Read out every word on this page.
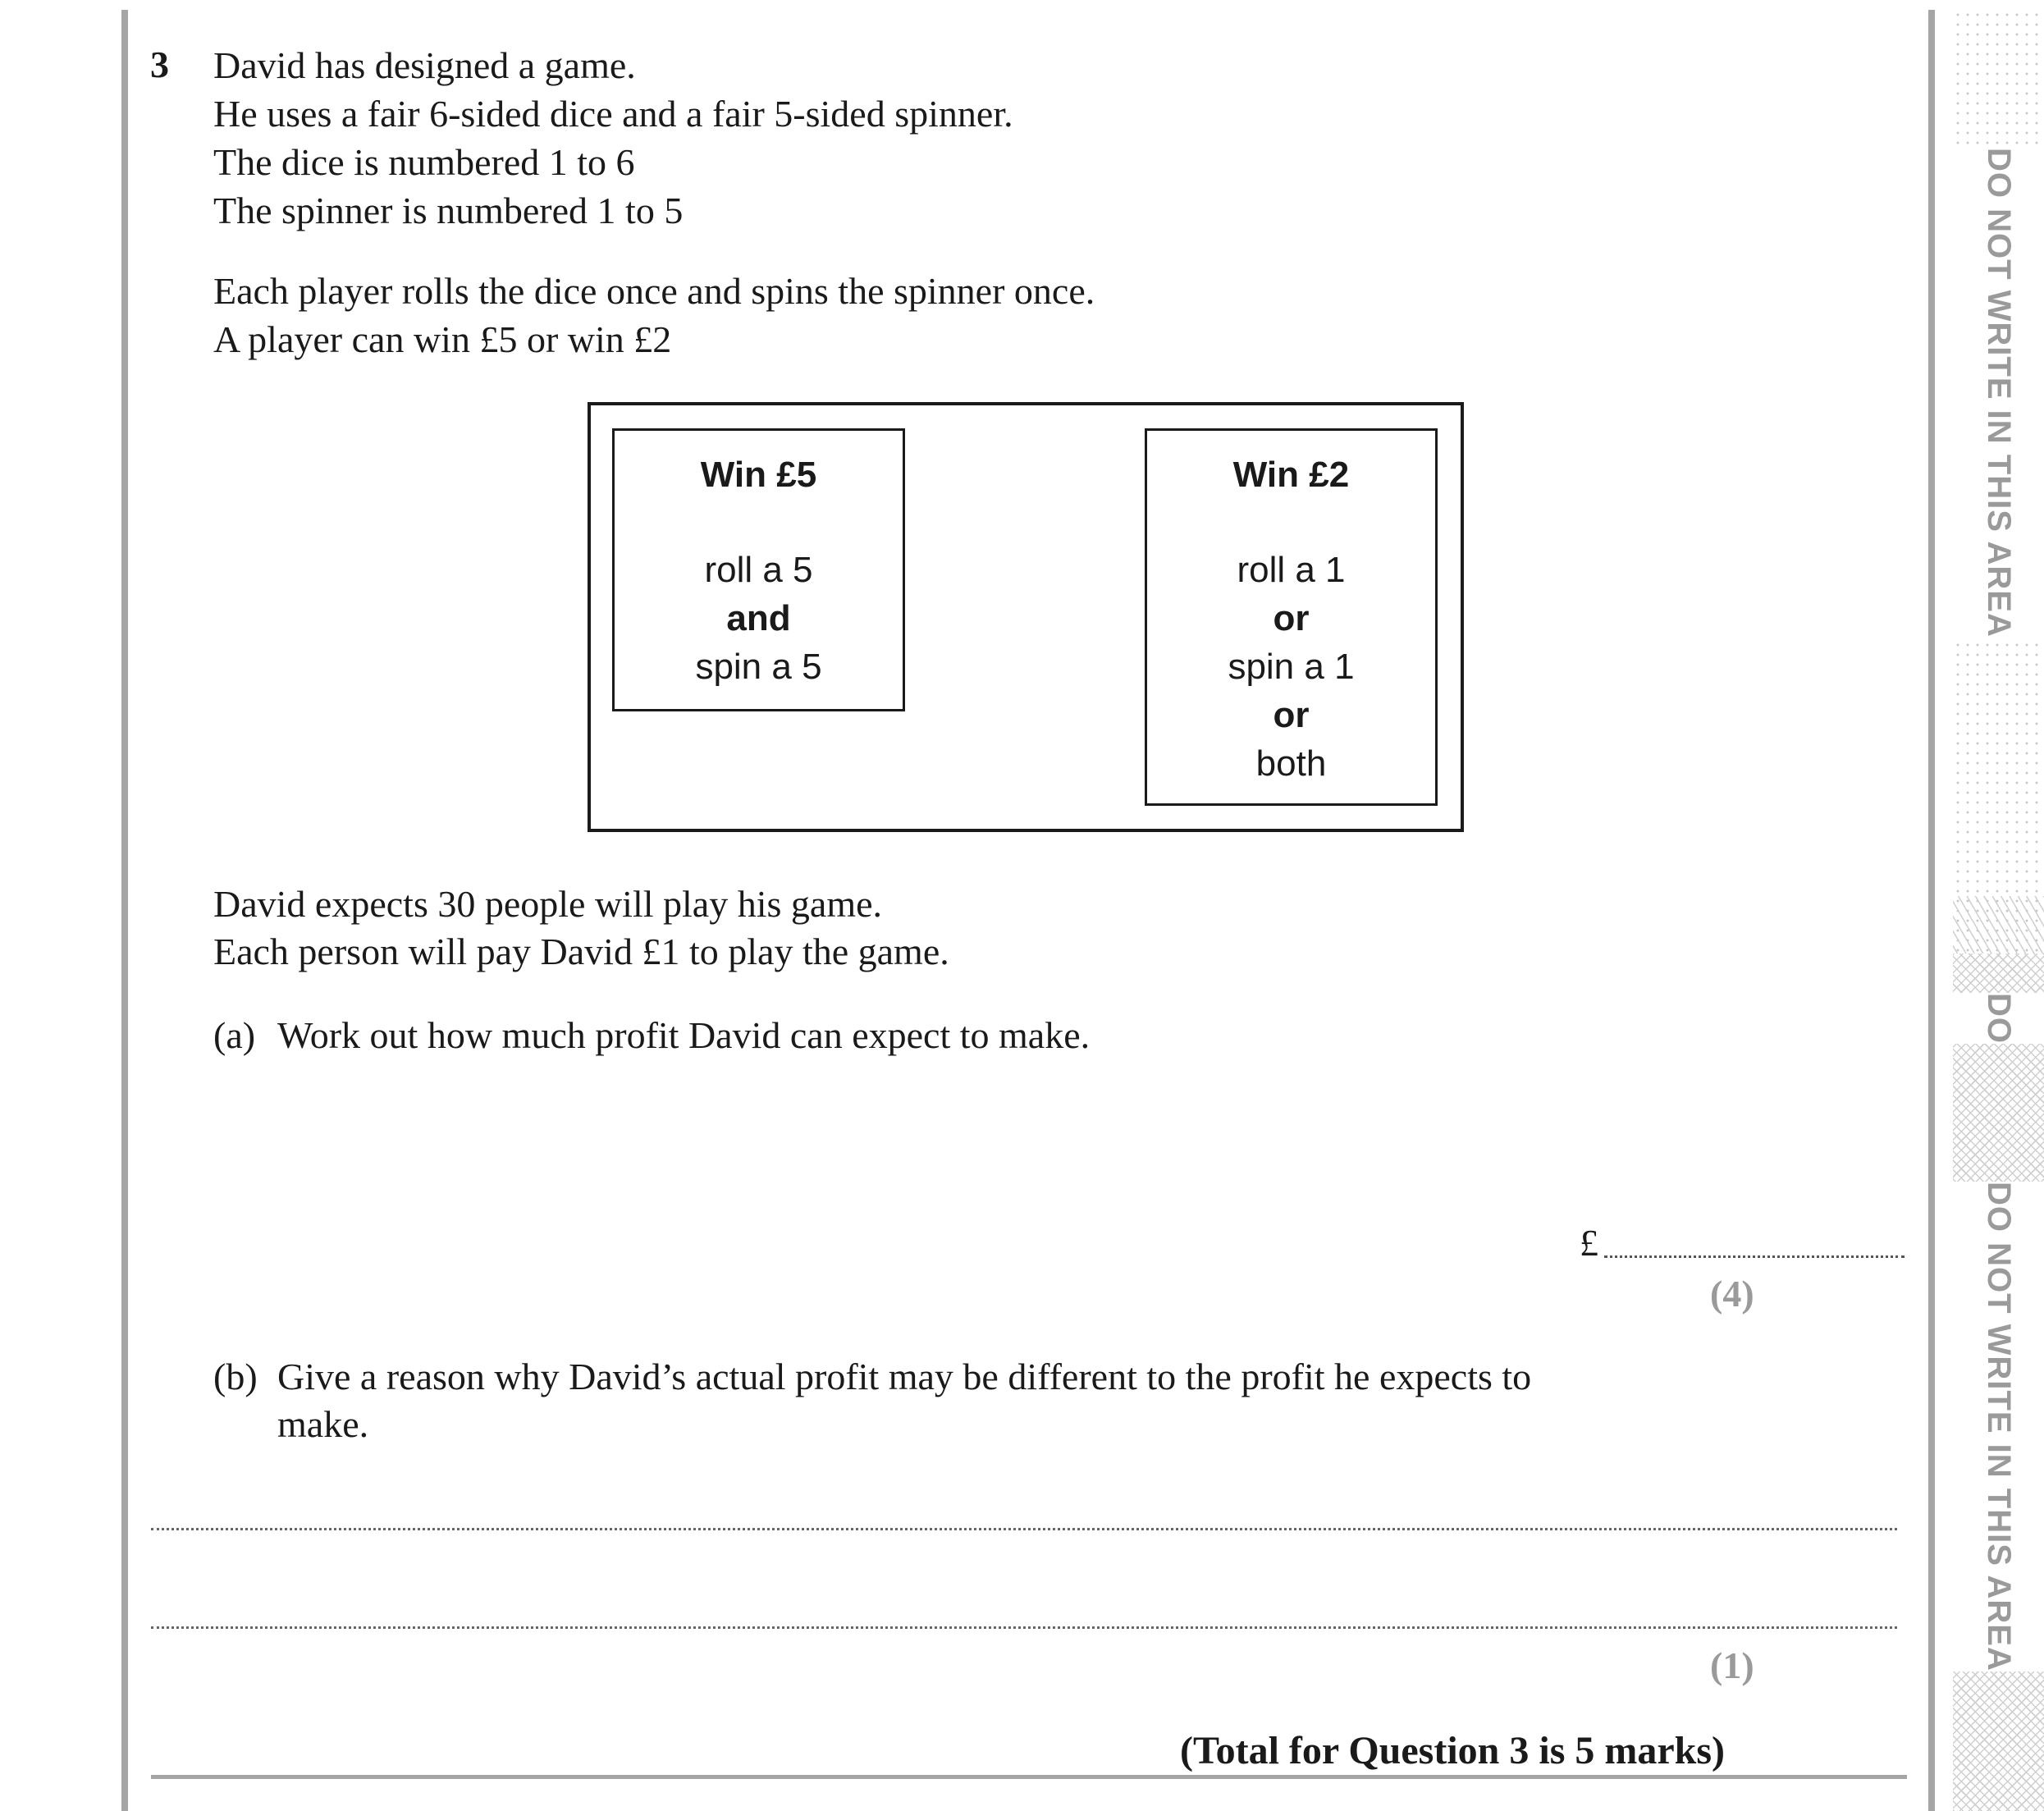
DO NOT WRITE IN THIS AREA
DO
DO NOT WRITE IN THIS AREA
3 David has designed a game.
He uses a fair 6-sided dice and a fair 5-sided spinner.
The dice is numbered 1 to 6
The spinner is numbered 1 to 5
Each player rolls the dice once and spins the spinner once.
A player can win £5 or win £2
Win £5
roll a 5
and
spin a 5
Win £2
roll a 1
or
spin a 1
or
both
David expects 30 people will play his game.
Each person will pay David £1 to play the game.
(a) Work out how much profit David can expect to make.
£
(4)
(b) Give a reason why David’s actual profit may be different to the profit he expects to
make.
(1)
(Total for Question 3 is 5 marks)
